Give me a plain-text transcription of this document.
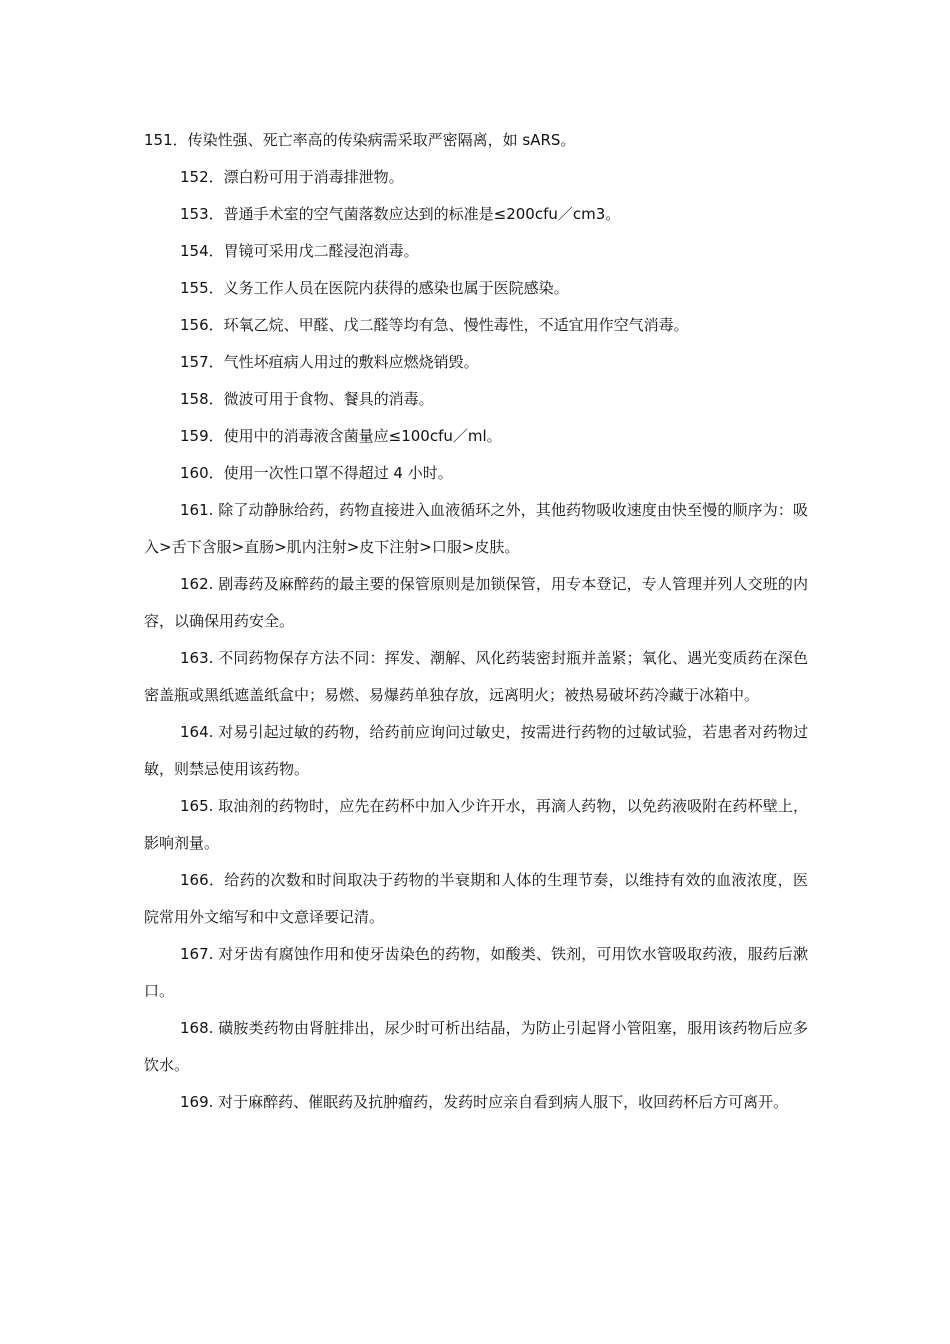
151．传染性强、死亡率高的传染病需采取严密隔离，如 sARS。

152．漂白粉可用于消毒排泄物。

153．普通手术室的空气菌落数应达到的标准是≤200cfu／cm3。

154．胃镜可采用戊二醛浸泡消毒。

155．义务工作人员在医院内获得的感染也属于医院感染。

156．环氧乙烷、甲醛、戊二醛等均有急、慢性毒性，不适宜用作空气消毒。

157．气性坏疽病人用过的敷料应燃烧销毁。

158．微波可用于食物、餐具的消毒。

159．使用中的消毒液含菌量应≤100cfu／ml。

160．使用一次性口罩不得超过 4 小时。

161. 除了动静脉给药，药物直接进入血液循环之外，其他药物吸收速度由快至慢的顺序为：吸入>舌下含服>直肠>肌内注射>皮下注射>口服>皮肤。

162. 剧毒药及麻醉药的最主要的保管原则是加锁保管，用专本登记，专人管理并列人交班的内容，以确保用药安全。

163. 不同药物保存方法不同：挥发、潮解、风化药装密封瓶并盖紧；氧化、遇光变质药在深色密盖瓶或黑纸遮盖纸盒中；易燃、易爆药单独存放，远离明火；被热易破坏药冷藏于冰箱中。

164. 对易引起过敏的药物，给药前应询问过敏史，按需进行药物的过敏试验，若患者对药物过敏，则禁忌使用该药物。

165. 取油剂的药物时，应先在药杯中加入少许开水，再滴人药物，以免药液吸附在药杯壁上，影响剂量。

166．给药的次数和时间取决于药物的半衰期和人体的生理节奏，以维持有效的血液浓度，医院常用外文缩写和中文意译要记清。

167. 对牙齿有腐蚀作用和使牙齿染色的药物，如酸类、铁剂，可用饮水管吸取药液，服药后漱口。

168. 磺胺类药物由肾脏排出，尿少时可析出结晶，为防止引起肾小管阻塞，服用该药物后应多饮水。

169. 对于麻醉药、催眠药及抗肿瘤药，发药时应亲自看到病人服下，收回药杯后方可离开。
